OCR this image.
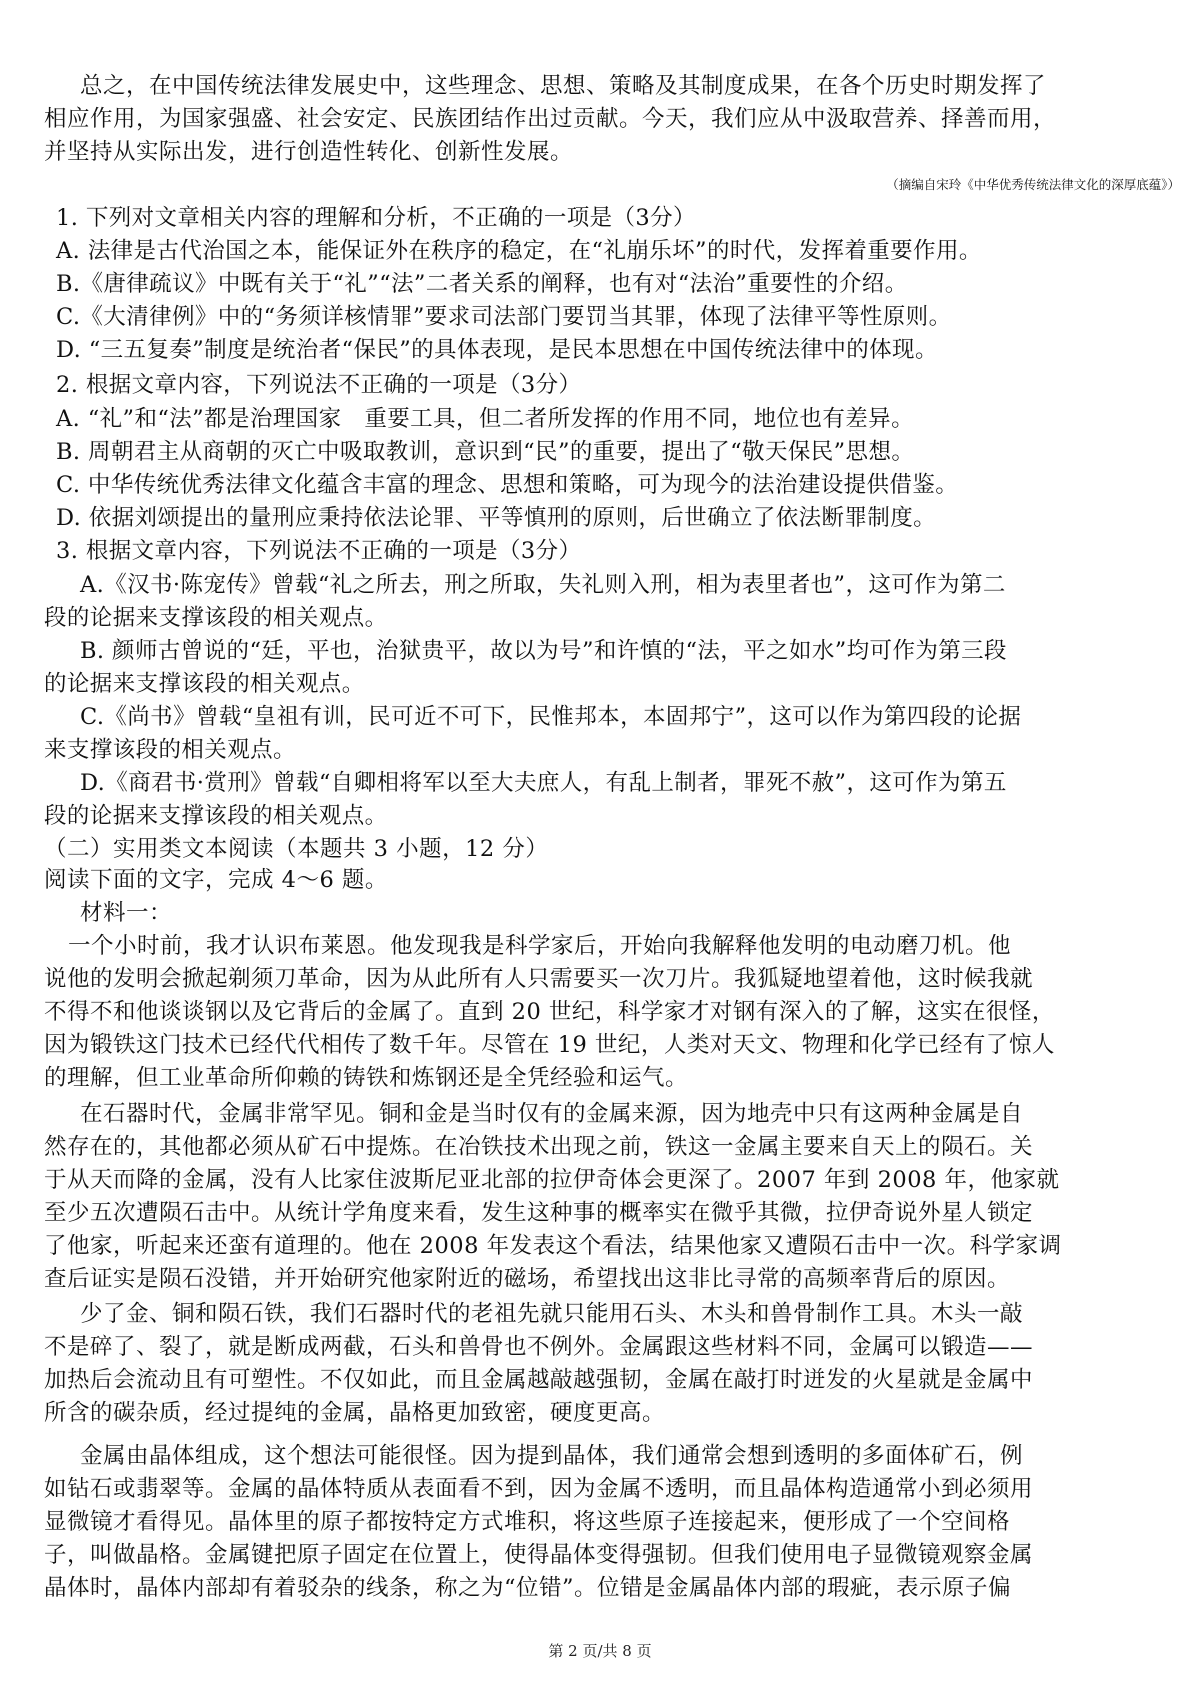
总之，在中国传统法律发展史中，这些理念、思想、策略及其制度成果，在各个历史时期发挥了
相应作用，为国家强盛、社会安定、民族团结作出过贡献。今天，我们应从中汲取营养、择善而用，
并坚持从实际出发，进行创造性转化、创新性发展。
（摘编自宋玲《中华优秀传统法律文化的深厚底蕴》）
1. 下列对文章相关内容的理解和分析，不正确的一项是（3分）
A. 法律是古代治国之本，能保证外在秩序的稳定，在“礼崩乐坏”的时代，发挥着重要作用。
B.《唐律疏议》中既有关于“礼”“法”二者关系的阐释，也有对“法治”重要性的介绍。
C.《大清律例》中的“务须详核情罪”要求司法部门要罚当其罪，体现了法律平等性原则。
D. “三五复奏”制度是统治者“保民”的具体表现，是民本思想在中国传统法律中的体现。
2. 根据文章内容，下列说法不正确的一项是（3分）
A. “礼”和“法”都是治理国家　重要工具，但二者所发挥的作用不同，地位也有差异。
B. 周朝君主从商朝的灭亡中吸取教训，意识到“民”的重要，提出了“敬天保民”思想。
C. 中华传统优秀法律文化蕴含丰富的理念、思想和策略，可为现今的法治建设提供借鉴。
D. 依据刘颂提出的量刑应秉持依法论罪、平等慎刑的原则，后世确立了依法断罪制度。
3. 根据文章内容，下列说法不正确的一项是（3分）
A.《汉书·陈宠传》曾载“礼之所去，刑之所取，失礼则入刑，相为表里者也”，这可作为第二
段的论据来支撑该段的相关观点。
B. 颜师古曾说的“廷，平也，治狱贵平，故以为号”和许慎的“法，平之如水”均可作为第三段
的论据来支撑该段的相关观点。
C.《尚书》曾载“皇祖有训，民可近不可下，民惟邦本，本固邦宁”，这可以作为第四段的论据
来支撑该段的相关观点。
D.《商君书·赏刑》曾载“自卿相将军以至大夫庶人，有乱上制者，罪死不赦”，这可作为第五
段的论据来支撑该段的相关观点。
（二）实用类文本阅读（本题共 3 小题，12 分）
阅读下面的文字，完成 4～6 题。
材料一：
一个小时前，我才认识布莱恩。他发现我是科学家后，开始向我解释他发明的电动磨刀机。他
说他的发明会掀起剃须刀革命，因为从此所有人只需要买一次刀片。我狐疑地望着他，这时候我就
不得不和他谈谈钢以及它背后的金属了。直到 20 世纪，科学家才对钢有深入的了解，这实在很怪，
因为锻铁这门技术已经代代相传了数千年。尽管在 19 世纪，人类对天文、物理和化学已经有了惊人
的理解，但工业革命所仰赖的铸铁和炼钢还是全凭经验和运气。
在石器时代，金属非常罕见。铜和金是当时仅有的金属来源，因为地壳中只有这两种金属是自
然存在的，其他都必须从矿石中提炼。在冶铁技术出现之前，铁这一金属主要来自天上的陨石。关
于从天而降的金属，没有人比家住波斯尼亚北部的拉伊奇体会更深了。2007 年到 2008 年，他家就
至少五次遭陨石击中。从统计学角度来看，发生这种事的概率实在微乎其微，拉伊奇说外星人锁定
了他家，听起来还蛮有道理的。他在 2008 年发表这个看法，结果他家又遭陨石击中一次。科学家调
查后证实是陨石没错，并开始研究他家附近的磁场，希望找出这非比寻常的高频率背后的原因。
少了金、铜和陨石铁，我们石器时代的老祖先就只能用石头、木头和兽骨制作工具。木头一敲
不是碎了、裂了，就是断成两截，石头和兽骨也不例外。金属跟这些材料不同，金属可以锻造——
加热后会流动且有可塑性。不仅如此，而且金属越敲越强韧，金属在敲打时迸发的火星就是金属中
所含的碳杂质，经过提纯的金属，晶格更加致密，硬度更高。
金属由晶体组成，这个想法可能很怪。因为提到晶体，我们通常会想到透明的多面体矿石，例
如钻石或翡翠等。金属的晶体特质从表面看不到，因为金属不透明，而且晶体构造通常小到必须用
显微镜才看得见。晶体里的原子都按特定方式堆积，将这些原子连接起来，便形成了一个空间格
子，叫做晶格。金属键把原子固定在位置上，使得晶体变得强韧。但我们使用电子显微镜观察金属
晶体时，晶体内部却有着驳杂的线条，称之为“位错”。位错是金属晶体内部的瑕疵，表示原子偏
第 2 页/共 8 页
